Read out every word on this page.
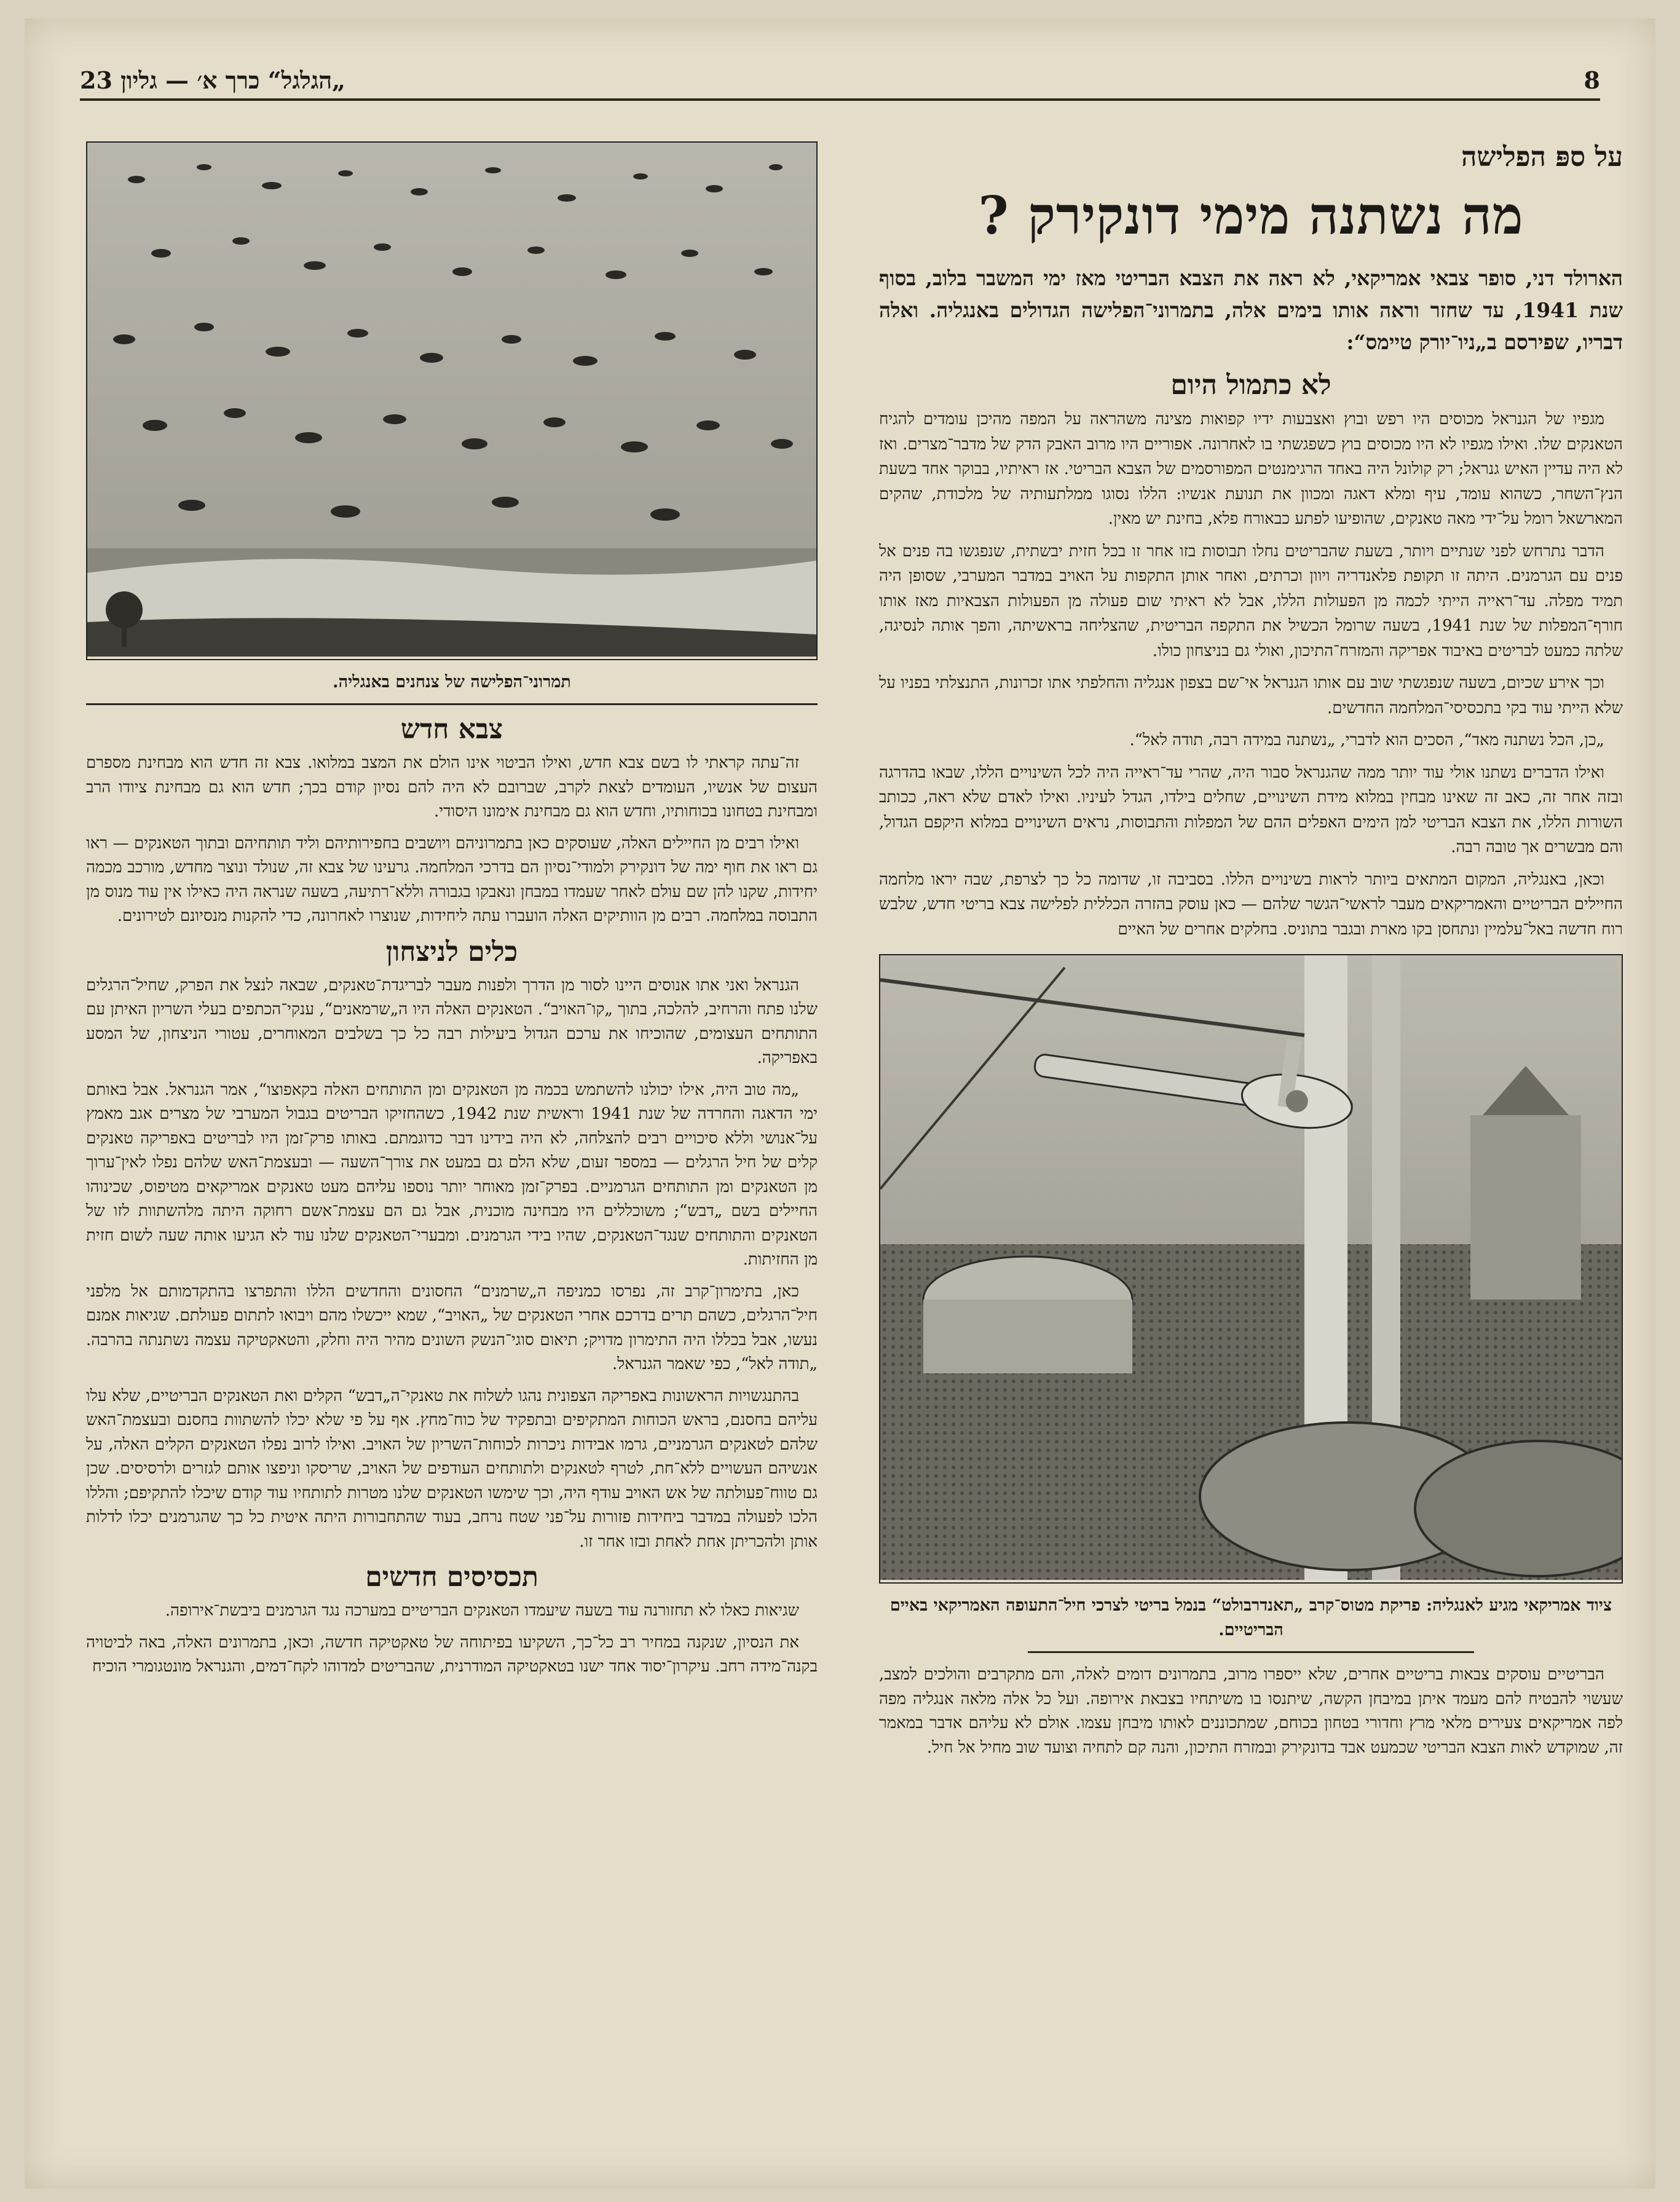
8
„הגלגל“ כרך א׳ — גליון 23
על ספּ הפלישה
מה נשתנה מימי דונקירק ?
הארולד דני, סופר צבאי אמריקאי, לא ראה את הצבא הבריטי מאז ימי המשבר בלוב, בסוף שנת 1941, עד שחזר וראה אותו בימים אלה, בתמרוני־הפלישה הגדולים באנגליה. ואלה דבריו, שפירסם ב„ניו־יורק טיימס“:
לא כתמול היום

מגפיו של הגנראל מכוסים היו רפש ובוץ ואצבעות ידיו קפואות מצינה משהראה על המפה מהיכן עומדים להגיח הטאנקים שלו. ואילו מגפיו לא היו מכוסים בוץ כשפגשתי בו לאחרונה. אפוריים היו מרוב האבק הדק של מדבר־מצרים. ואז לא היה עדיין האיש גנראל; רק קולונל היה באחד הרגימנטים המפורסמים של הצבא הבריטי. אז ראיתיו, בבוקר אחד בשעת הנץ־השחר, כשהוא עומד, עיף ומלא דאגה ומכוון את תנועת אנשיו: הללו נסוגו ממלתעותיה של מלכודת, שהקים המארשאל רומל על־ידי מאה טאנקים, שהופיעו לפתע כבאורח פלא, בחינת יש מאין.

הדבר נתרחש לפני שנתיים ויותר, בשעת שהבריטים נחלו תבוסות בזו אחר זו בכל חזית יבשתית, שנפגשו בה פנים אל פנים עם הגרמנים. היתה זו תקופת פלאנדריה ויוון וכרתים, ואחר אותן התקפות על האויב במדבר המערבי, שסופן היה תמיד מפלה. עד־ראייה הייתי לכמה מן הפעולות הללו, אבל לא ראיתי שום פעולה מן הפעולות הצבאיות מאז אותו חורף־המפלות של שנת 1941, בשעה שרומל הכשיל את התקפה הבריטית, שהצליחה בראשיתה, והפך אותה לנסיגה, שלתה כמעט לבריטים באיבוד אפריקה והמזרח־התיכון, ואולי גם בניצחון כולו.

וכך אירע שכיום, בשעה שנפגשתי שוב עם אותו הגנראל אי־שם בצפון אנגליה והחלפתי אתו זכרונות, התנצלתי בפניו על שלא הייתי עוד בקי בתכסיסי־המלחמה החדשים.

„כן, הכל נשתנה מאד“, הסכים הוא לדברי, „נשתנה במידה רבה, תודה לאל“.

ואילו הדברים נשתנו אולי עוד יותר ממה שהגנראל סבור היה, שהרי עד־ראייה היה לכל השינויים הללו, שבאו בהדרגה ובזה אחר זה, כאב זה שאינו מבחין במלוא מידת השינויים, שחלים בילדו, הגדל לעיניו. ואילו לאדם שלא ראה, ככותב השורות הללו, את הצבא הבריטי למן הימים האפלים ההם של המפלות והתבוסות, נראים השינויים במלוא היקפם הגדול, והם מבשרים אך טובה רבה.

וכאן, באנגליה, המקום המתאים ביותר לראות בשינויים הללו. בסביבה זו, שדומה כל כך לצרפת, שבה יראו מלחמה החיילים הבריטיים והאמריקאים מעבר לראשי־הגשר שלהם — כאן עוסק בהזרה הכללית לפלישה צבא בריטי חדש, שלבש רוח חדשה באל־עלמיין ונתחסן בקו מארת ובגבר בתוניס. בחלקים אחרים של האיים

ציוד אמריקאי מגיע לאנגליה: פריקת מטוס־קרב „תאנדרבולט“ בנמל בריטי לצרכי חיל־התעופה האמריקאי באיים הבריטיים.

הבריטיים עוסקים צבאות בריטיים אחרים, שלא ייספרו מרוב, בתמרונים דומים לאלה, והם מתקרבים והולכים למצב, שעשוי להבטיח להם מעמד איתן במיבחן הקשה, שיתנסו בו משיתחיו בצבאת אירופה. ועל כל אלה מלאה אנגליה מפה לפה אמריקאים צעירים מלאי מרץ וחדורי בטחון בכוחם, שמתכוננים לאותו מיבחן עצמו. אולם לא עליהם אדבר במאמר זה, שמוקדש לאות הצבא הבריטי שכמעט אבד בדונקירק ובמזרח התיכון, והנה קם לתחיה וצועד שוב מחיל אל חיל.

תמרוני־הפלישה של צנחנים באנגליה.
צבא חדש

זה־עתה קראתי לו בשם צבא חדש, ואילו הביטוי אינו הולם את המצב במלואו. צבא זה חדש הוא מבחינת מספרם העצום של אנשיו, העומדים לצאת לקרב, שברובם לא היה להם נסיון קודם בכך; חדש הוא גם מבחינת ציודו הרב ומבחינת בטחונו בכוחותיו, וחדש הוא גם מבחינת אימונו היסודי.

ואילו רבים מן החיילים האלה, שעוסקים כאן בתמרוניהם ויושבים בחפירותיהם וליד תותחיהם ובתוך הטאנקים — ראו גם ראו את חוף ימה של דונקירק ולמודי־נסיון הם בדרכי המלחמה. גרעינו של צבא זה, שנולד ונוצר מחדש, מורכב מכמה יחידות, שקנו להן שם עולם לאחר שעמדו במבחן ונאבקו בגבורה וללא־רתיעה, בשעה שנראה היה כאילו אין עוד מנוס מן התבוסה במלחמה. רבים מן הוותיקים האלה הועברו עתה ליחידות, שנוצרו לאחרונה, כדי להקנות מנסיונם לטירונים.

כלים לניצחון

הגנראל ואני אתו אנוסים היינו לסור מן הדרך ולפנות מעבר לבריגדת־טאנקים, שבאה לנצל את הפרק, שחיל־הרגלים שלנו פתח והרחיב, להלכה, בתוך „קו־האויב“. הטאנקים האלה היו ה„שרמאנים“, ענקי־הכתפים בעלי השריון האיתן עם התותחים העצומים, שהוכיחו את ערכם הגדול ביעילות רבה כל כך בשלבים המאוחרים, עטורי הניצחון, של המסע באפריקה.

„מה טוב היה, אילו יכולנו להשתמש בכמה מן הטאנקים ומן התותחים האלה בקאפוצו“, אמר הגנראל. אבל באותם ימי הדאגה והחרדה של שנת 1941 וראשית שנת 1942, כשהחזיקו הבריטים בגבול המערבי של מצרים אגב מאמץ על־אנושי וללא סיכויים רבים להצלחה, לא היה בידינו דבר כדוגמתם. באותו פרק־זמן היו לבריטים באפריקה טאנקים קלים של חיל הרגלים — במספר זעום, שלא הלם גם במעט את צורך־השעה — ובעצמת־האש שלהם נפלו לאין־ערוך מן הטאנקים ומן התותחים הגרמניים. בפרק־זמן מאוחר יותר נוספו עליהם מעט טאנקים אמריקאים מטיפוס, שכינוהו החיילים בשם „דבש“; משוכללים היו מבחינה מוכנית, אבל גם הם עצמת־אשם רחוקה היתה מלהשתוות לזו של הטאנקים והתותחים שנגד־הטאנקים, שהיו בידי הגרמנים. ומבערי־הטאנקים שלנו עוד לא הגיעו אותה שעה לשום חזית מן החזיתות.

כאן, בתימרון־קרב זה, נפרסו כמניפה ה„שרמנים“ החסונים והחדשים הללו והתפרצו בהתקדמותם אל מלפני חיל־הרגלים, כשהם תרים בדרכם אחרי הטאנקים של „האויב“, שמא ייכשלו מהם ויבואו לתתום פעולתם. שגיאות אמנם נעשו, אבל בכללו היה התימרון מדויק; תיאום סוגי־הנשק השונים מהיר היה וחלק, והטאקטיקה עצמה נשתנתה בהרבה. „תודה לאל“, כפי שאמר הגנראל.

בהתנגשויות הראשונות באפריקה הצפונית נהגו לשלוח את טאנקי־ה„דבש“ הקלים ואת הטאנקים הבריטיים, שלא עלו עליהם בחסנם, בראש הכוחות המתקיפים ובתפקיד של כוח־מחץ. אף על פי שלא יכלו להשתוות בחסנם ובעצמת־האש שלהם לטאנקים הגרמניים, גרמו אבידות ניכרות לכוחות־השריון של האויב. ואילו לרוב נפלו הטאנקים הקלים האלה, על אנשיהם העשויים ללא־חת, לטרף לטאנקים ולתותחים העודפים של האויב, שריסקו וניפצו אותם לגזרים ולרסיסים. שכן גם טווח־פעולתה של אש האויב עודף היה, וכך שימשו הטאנקים שלנו מטרות לתותחיו עוד קודם שיכלו להתקיפם; והללו הלכו לפעולה במדבר ביחידות פזורות על־פני שטח נרחב, בעוד שהתחבורות היתה איטית כל כך שהגרמנים יכלו לדלות אותן ולהכריתן אחת לאחת ובזו אחר זו.

תכסיסים חדשים

שגיאות כאלו לא תחזורנה עוד בשעה שיעמדו הטאנקים הבריטיים במערכה נגד הגרמנים ביבשת־אירופה.

את הנסיון, שנקנה במחיר רב כל־כך, השקיעו בפיתוחה של טאקטיקה חדשה, וכאן, בתמרונים האלה, באה לביטויה בקנה־מידה רחב. עיקרון־יסוד אחד ישנו בטאקטיקה המודרנית, שהבריטים למדוהו לקח־דמים, והגנראל מונטגומרי הוכיח
